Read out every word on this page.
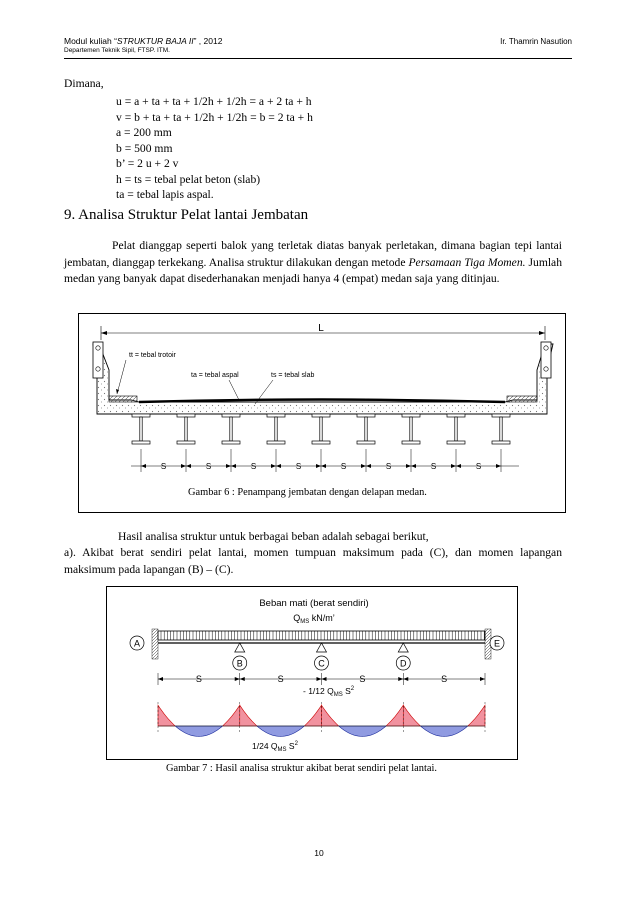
Modul kuliah “STRUKTUR BAJA II” , 2012
Departemen Teknik Sipil, FTSP. ITM.
Ir. Thamrin Nasution
Dimana,
u = a + ta + ta + 1/2h + 1/2h = a + 2 ta + h
v = b + ta + ta + 1/2h + 1/2h = b = 2 ta + h
a = 200 mm
b = 500 mm
b’ = 2 u + 2 v
h = ts = tebal pelat beton (slab)
ta = tebal lapis aspal.
9. Analisa Struktur Pelat lantai Jembatan
Pelat dianggap seperti balok yang terletak diatas banyak perletakan, dimana bagian tepi lantai jembatan, dianggap terkekang. Analisa struktur dilakukan dengan metode Persamaan Tiga Momen. Jumlah medan yang banyak dapat disederhanakan menjadi hanya 4 (empat) medan saja yang ditinjau.
L
tt = tebal trotoir
ta = tebal aspal	ts = tebal slab
S	S	S	S	S	S	S	S
Gambar 6 : Penampang jembatan dengan delapan medan.
Hasil analisa struktur untuk berbagai beban adalah sebagai berikut,
a). Akibat berat sendiri pelat lantai, momen tumpuan maksimum pada (C), dan momen lapangan maksimum pada lapangan (B) – (C).
Beban mati (berat sendiri)
$Q_{MS}$ kN/m’
A	E
B	C	D
S	S	S	S
- 1/12 $Q_{MS}$ $S^2$
1/24 $Q_{MS}$ $S^2$
Gambar 7 : Hasil analisa struktur akibat berat sendiri pelat lantai.
10
